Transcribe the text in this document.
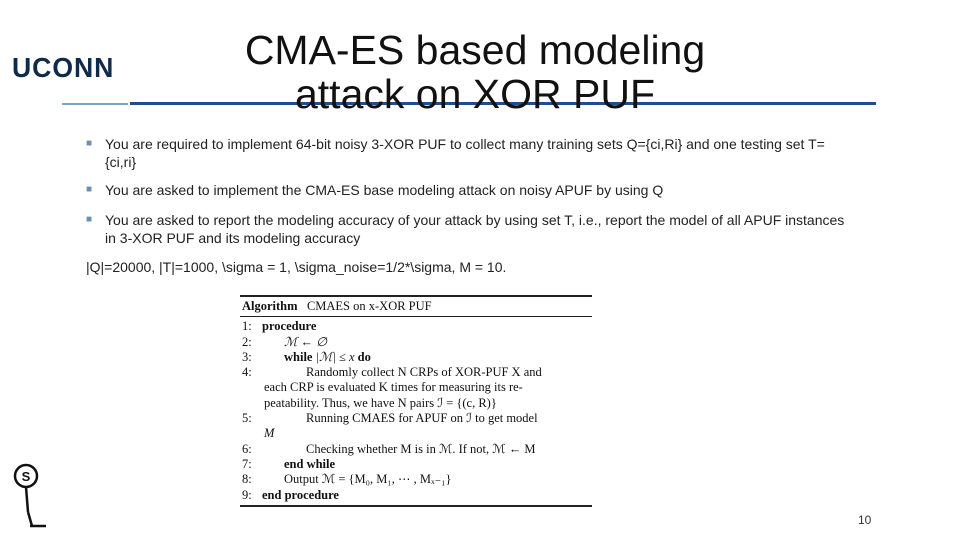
UCONN	CMA-ES based modeling
attack on XOR PUF
■ You are required to implement 64-bit noisy 3-XOR PUF to collect many training sets Q={ci,Ri} and one testing set T={ci,ri}
■ You are asked to implement the CMA-ES base modeling attack on noisy APUF by using Q
■ You are asked to report the modeling accuracy of your attack by using set T, i.e., report the model of all APUF instances in 3-XOR PUF and its modeling accuracy
|Q|=20000, |T|=1000, \sigma = 1, \sigma_noise=1/2*\sigma, M = 10.
Algorithm CMAES on x-XOR PUF
1: procedure
2:	ℳ ← ∅
3:	while |ℳ| ≤ x do
4:	Randomly collect N CRPs of XOR-PUF X and
each CRP is evaluated K times for measuring its re-
peatability. Thus, we have N pairs ℐ = {(c, R)}
5:	Running CMAES for APUF on ℐ to get model
M
6:	Checking whether M is in ℳ. If not, ℳ ← M
7:	end while
8:	Output ℳ = {M₀, M₁, ⋯ , Mₓ₋₁}
9: end procedure
S
10
